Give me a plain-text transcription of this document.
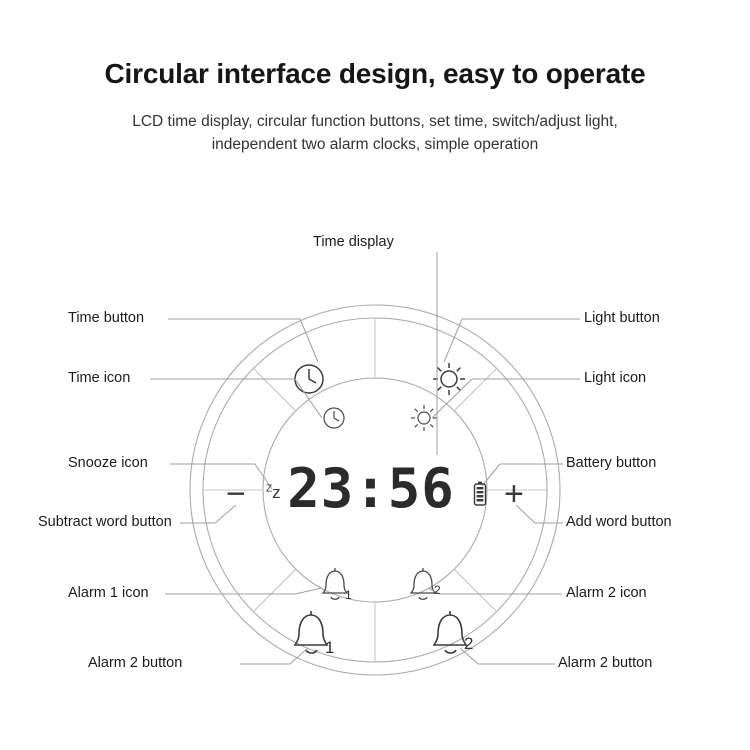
Circular interface design, easy to operate

LCD time display, circular function buttons, set time, switch/adjust light,
independent two alarm clocks, simple operation

23:56
−	+
$^Z$z
1	2
1	2
Time display
Time button
Time icon
Snooze icon
Subtract word button
Alarm 1 icon
Alarm 2 button
Light button
Light icon
Battery button
Add word button
Alarm 2 icon
Alarm 2 button
